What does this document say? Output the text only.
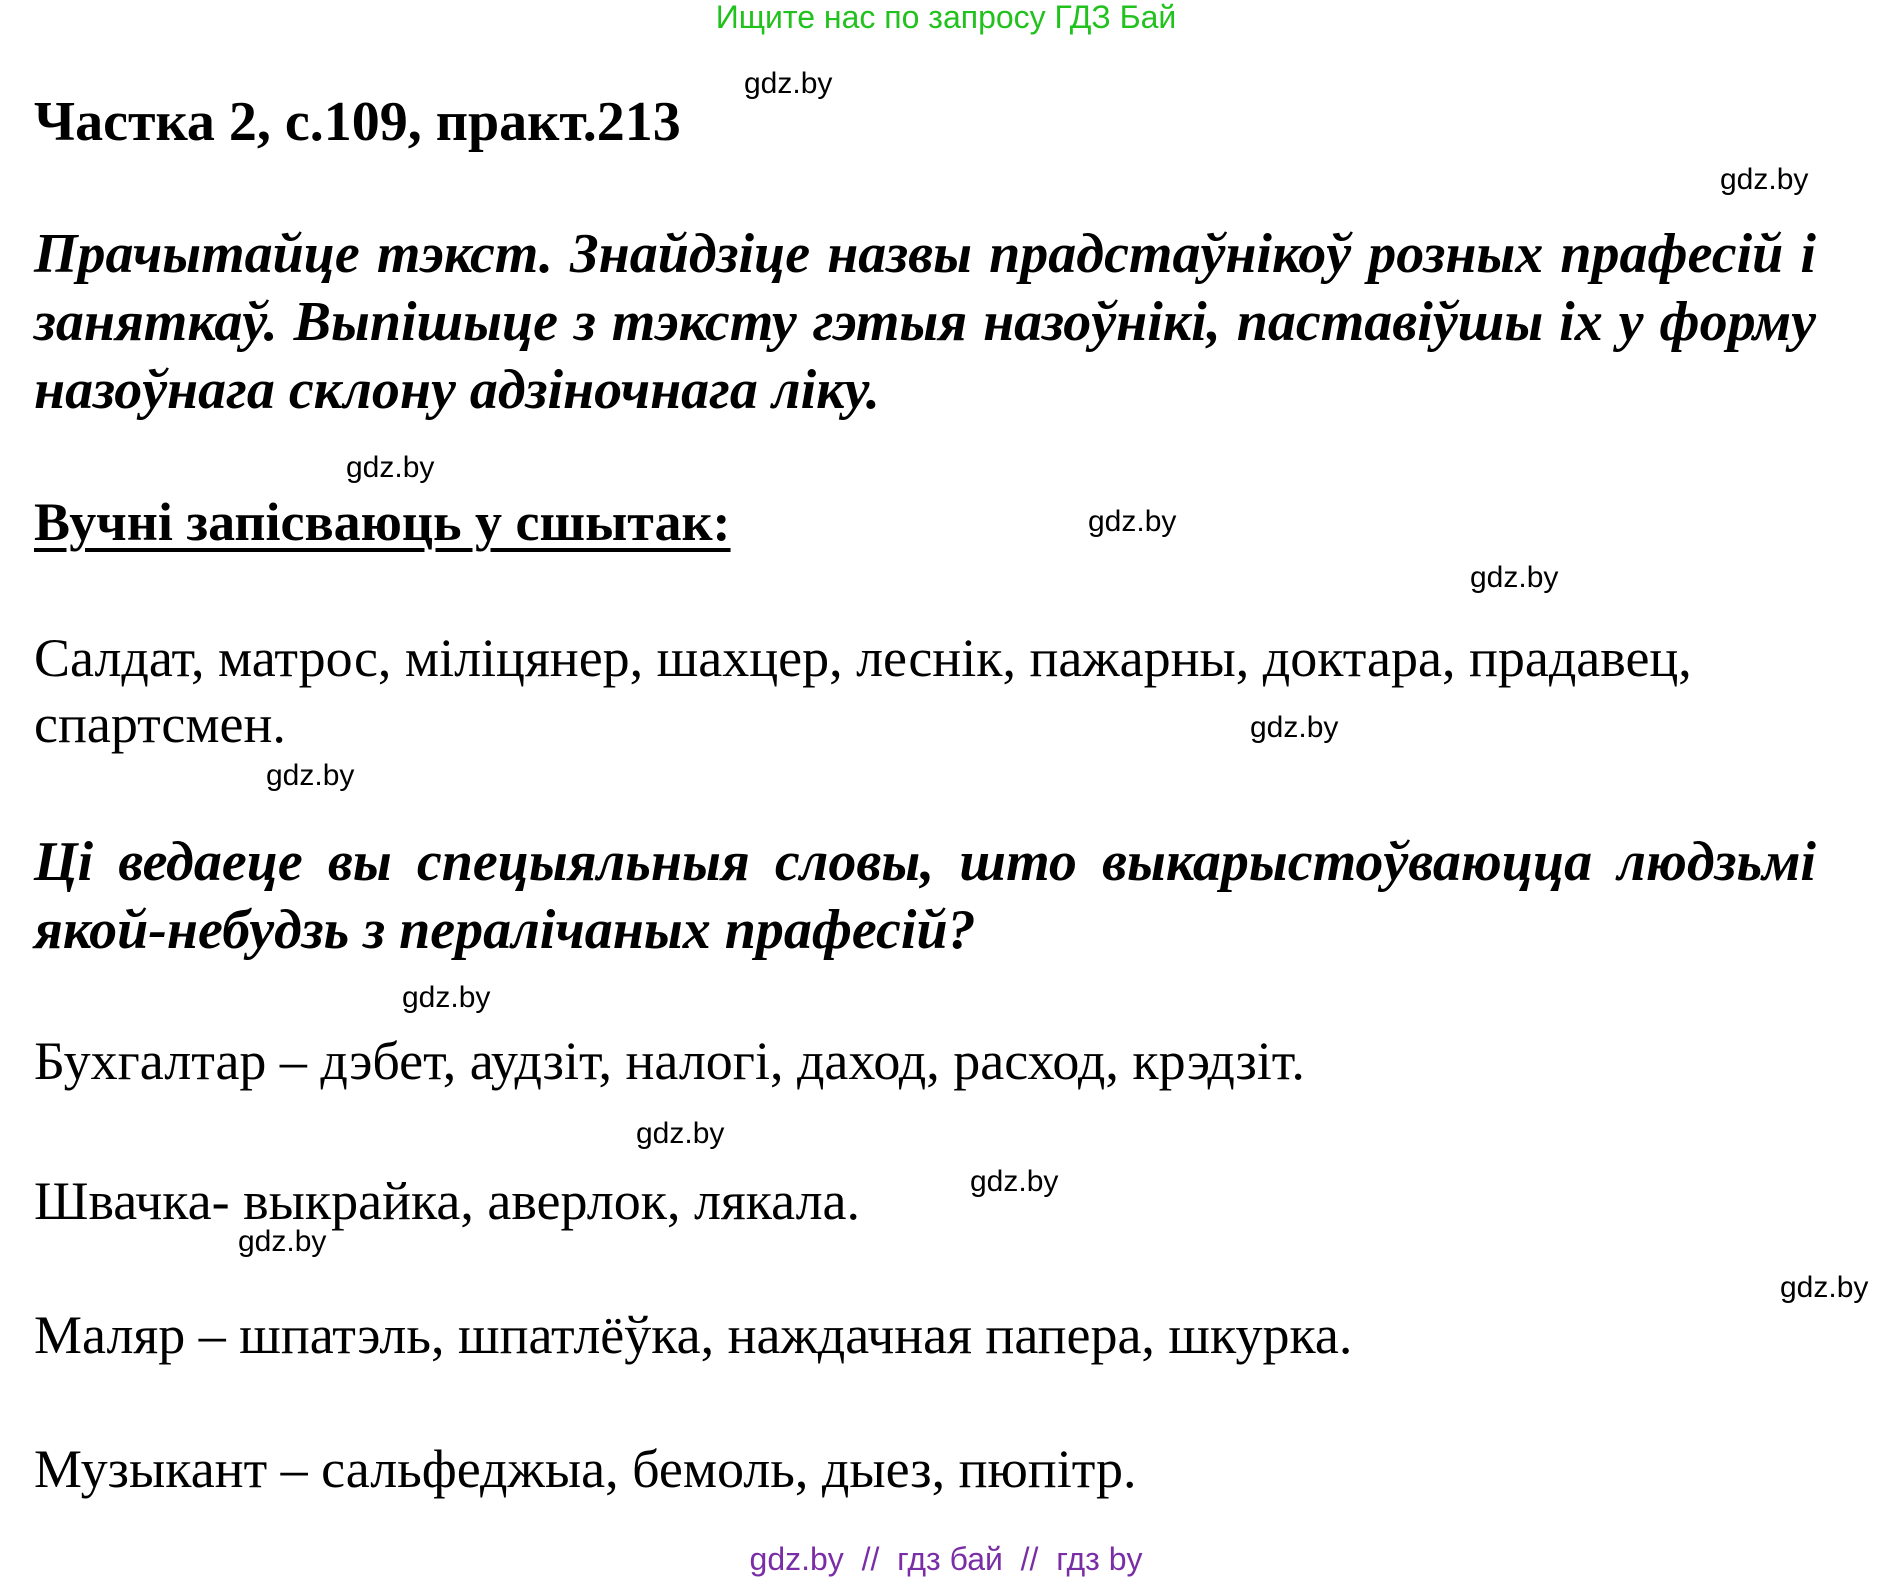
Ищите нас по запросу ГДЗ Бай
Частка 2, с.109, практ.213
gdz.by
gdz.by

Прачытайце тэкст. Знайдзіце назвы прадстаўнікоў розных прафесій і заняткаў. Выпішыце з тэксту гэтыя назоўнікі, паставіўшы іх у форму назоўнага склону адзіночнага ліку.

gdz.by
Вучні запісваюць у сшытак:	gdz.by
gdz.by

Салдат, матрос, міліцянер, шахцер, леснік, пажарны, доктара, прадавец, спартсмен.	gdz.by
gdz.by

Ці ведаеце вы спецыяльныя словы, што выкарыстоўваюцца людзьмі якой-небудзь з пералічаных прафесій?

gdz.by
Бухгалтар – дэбет, аудзіт, налогі, даход, расход, крэдзіт.
gdz.by
Швачка- выкрайка, аверлок, лякала.	gdz.by
gdz.by
gdz.by
Маляр – шпатэль, шпатлёўка, наждачная папера, шкурка.
Музыкант – сальфеджыа, бемоль, дыез, пюпітр.
gdz.by  //  гдз бай  //  гдз by
